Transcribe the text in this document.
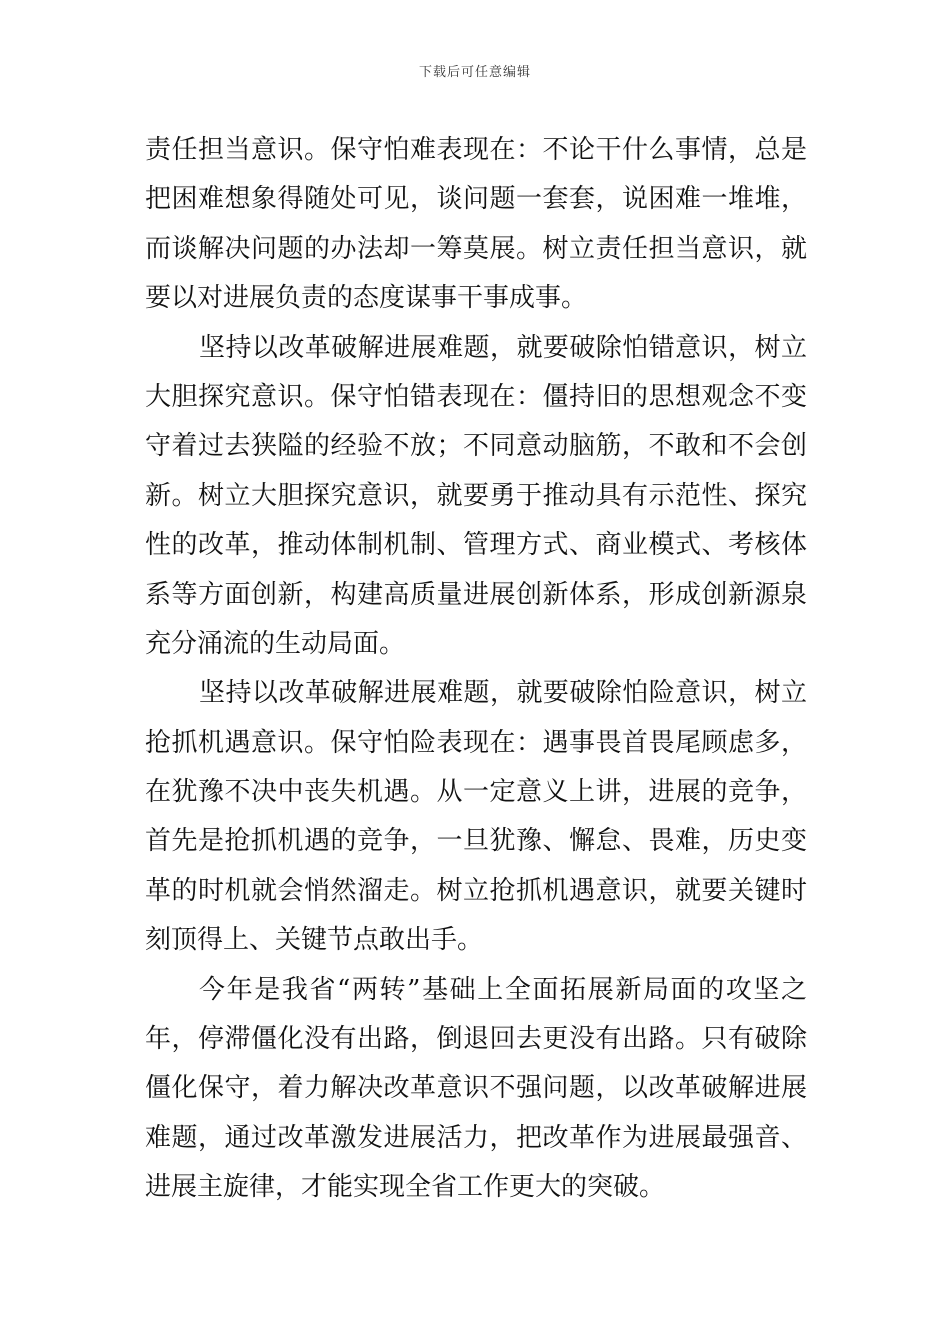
下载后可任意编辑
责任担当意识。保守怕难表现在：不论干什么事情，总是
把困难想象得随处可见，谈问题一套套，说困难一堆堆，
而谈解决问题的办法却一筹莫展。树立责任担当意识，就
要以对进展负责的态度谋事干事成事。
坚持以改革破解进展难题，就要破除怕错意识，树立
大胆探究意识。保守怕错表现在：僵持旧的思想观念不变
守着过去狭隘的经验不放；不同意动脑筋，不敢和不会创
新。树立大胆探究意识，就要勇于推动具有示范性、探究
性的改革，推动体制机制、管理方式、商业模式、考核体
系等方面创新，构建高质量进展创新体系，形成创新源泉
充分涌流的生动局面。
坚持以改革破解进展难题，就要破除怕险意识，树立
抢抓机遇意识。保守怕险表现在：遇事畏首畏尾顾虑多，
在犹豫不决中丧失机遇。从一定意义上讲，进展的竞争，
首先是抢抓机遇的竞争，一旦犹豫、懈怠、畏难，历史变
革的时机就会悄然溜走。树立抢抓机遇意识，就要关键时
刻顶得上、关键节点敢出手。
今年是我省“两转”基础上全面拓展新局面的攻坚之
年，停滞僵化没有出路，倒退回去更没有出路。只有破除
僵化保守，着力解决改革意识不强问题，以改革破解进展
难题，通过改革激发进展活力，把改革作为进展最强音、
进展主旋律，才能实现全省工作更大的突破。
